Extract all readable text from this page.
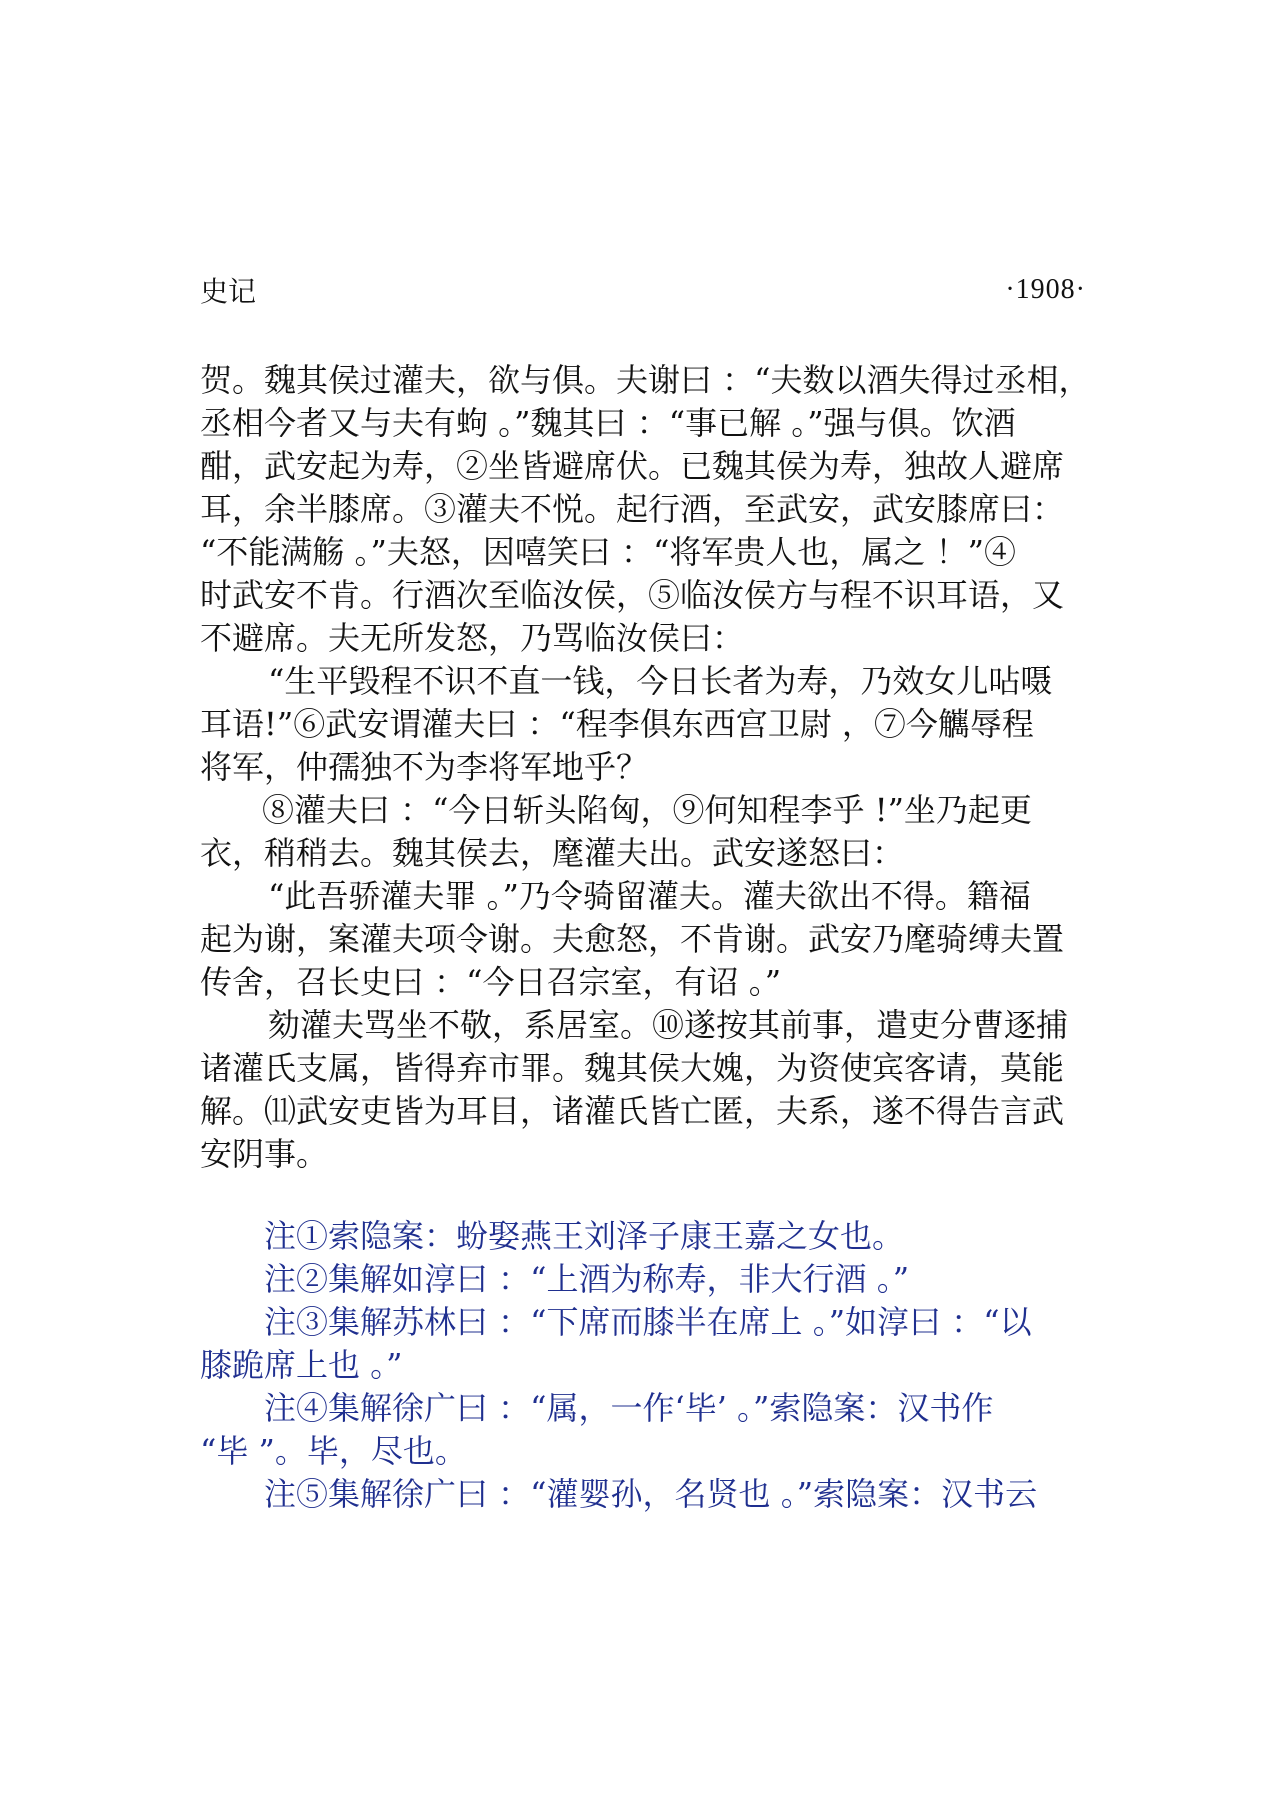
史记	·1908·
贺。魏其侯过灌夫，欲与俱。夫谢曰 ：“夫数以酒失得过丞相，
丞相今者又与夫有蚼 。”魏其曰 ：“事已解 。”强与俱。饮酒
酣，武安起为寿，②坐皆避席伏。已魏其侯为寿，独故人避席
耳，余半膝席。③灌夫不悦。起行酒，至武安，武安膝席曰：
“不能满觞 。”夫怒，因嘻笑曰 ：“将军贵人也，属之 ！”④
时武安不肯。行酒次至临汝侯，⑤临汝侯方与程不识耳语，又
不避席。夫无所发怒，乃骂临汝侯曰：
“生平毁程不识不直一钱，今日长者为寿，乃效女儿呫嗫
耳语!”⑥武安谓灌夫曰 ：“程李俱东西宫卫尉 ，⑦今觽辱程
将军，仲孺独不为李将军地乎？
⑧灌夫曰 ：“今日斩头陷匈，⑨何知程李乎 !”坐乃起更
衣，稍稍去。魏其侯去，麾灌夫出。武安遂怒曰：
“此吾骄灌夫罪 。”乃令骑留灌夫。灌夫欲出不得。籍福
起为谢，案灌夫项令谢。夫愈怒，不肯谢。武安乃麾骑缚夫置
传舍，召长史曰 ：“今日召宗室，有诏 。”
劾灌夫骂坐不敬，系居室。⑩遂按其前事，遣吏分曹逐捕
诸灌氏支属，皆得弃市罪。魏其侯大媿，为资使宾客请，莫能
解。⑾武安吏皆为耳目，诸灌氏皆亡匿，夫系，遂不得告言武
安阴事。
注①索隐案：蚡娶燕王刘泽子康王嘉之女也。
注②集解如淳曰 ：“上酒为称寿，非大行酒 。”
注③集解苏林曰 ：“下席而膝半在席上 。”如淳曰 ：“以
膝跪席上也 。”
注④集解徐广曰 ：“属，一作‘毕’ 。”索隐案：汉书作
“毕 ”。毕，尽也。
注⑤集解徐广曰 ：“灌婴孙，名贤也 。”索隐案：汉书云
